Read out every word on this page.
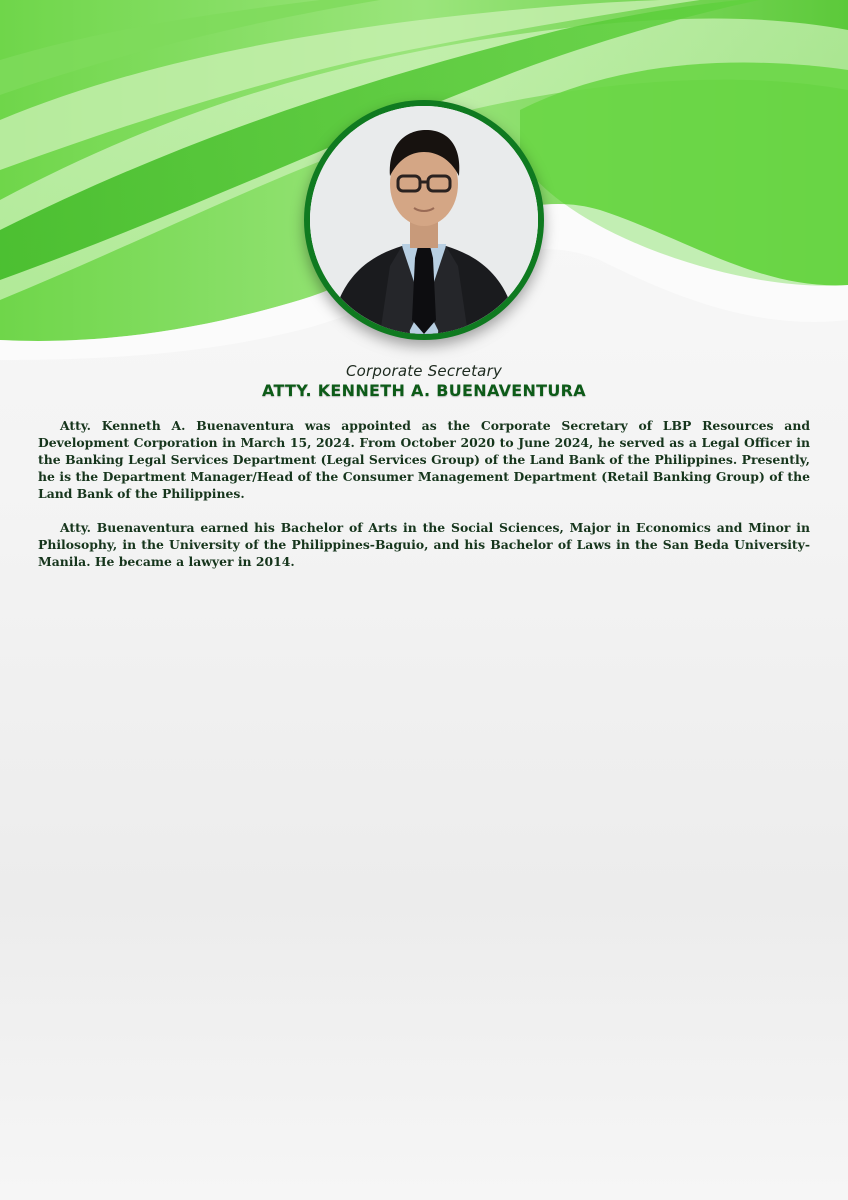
Corporate Secretary
ATTY. KENNETH A. BUENAVENTURA

Atty. Kenneth A. Buenaventura was appointed as the Corporate Secretary of LBP Resources and Development Corporation in March 15, 2024. From October 2020 to June 2024, he served as a Legal Officer in the Banking Legal Services Department (Legal Services Group) of the Land Bank of the Philippines. Presently, he is the Department Manager/Head of the Consumer Management Department (Retail Banking Group) of the Land Bank of the Philippines.

Atty. Buenaventura earned his Bachelor of Arts in the Social Sciences, Major in Economics and Minor in Philosophy, in the University of the Philippines-Baguio, and his Bachelor of Laws in the San Beda University-Manila. He became a lawyer in 2014.
